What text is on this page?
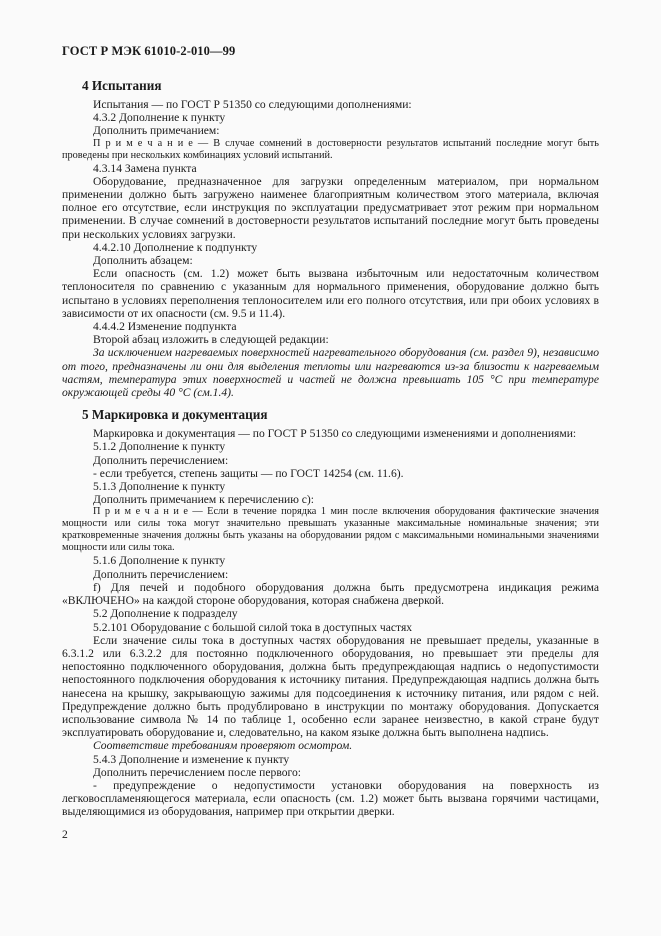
ГОСТ Р МЭК 61010-2-010—99
4 Испытания
Испытания — по ГОСТ Р 51350 со следующими дополнениями:
4.3.2 Дополнение к пункту
Дополнить примечанием:
П р и м е ч а н и е — В случае сомнений в достоверности результатов испытаний последние могут быть проведены при нескольких комбинациях условий испытаний.
4.3.14 Замена пункта
Оборудование, предназначенное для загрузки определенным материалом, при нормальном применении должно быть загружено наименее благоприятным количеством этого материала, включая полное его отсутствие, если инструкция по эксплуатации предусматривает этот режим при нормальном применении. В случае сомнений в достоверности результатов испытаний последние могут быть проведены при нескольких условиях загрузки.
4.4.2.10 Дополнение к подпункту
Дополнить абзацем:
Если опасность (см. 1.2) может быть вызвана избыточным или недостаточным количеством теплоносителя по сравнению с указанным для нормального применения, оборудование должно быть испытано в условиях переполнения теплоносителем или его полного отсутствия, или при обоих условиях в зависимости от их опасности (см. 9.5 и 11.4).
4.4.4.2 Изменение подпункта
Второй абзац изложить в следующей редакции:
За исключением нагреваемых поверхностей нагревательного оборудования (см. раздел 9), независимо от того, предназначены ли они для выделения теплоты или нагреваются из-за близости к нагреваемым частям, температура этих поверхностей и частей не должна превышать 105 °С при температуре окружающей среды 40 °С (см.1.4).
5 Маркировка и документация
Маркировка и документация — по ГОСТ Р 51350 со следующими изменениями и дополнениями:
5.1.2 Дополнение к пункту
Дополнить перечислением:
- если требуется, степень защиты — по ГОСТ 14254 (см. 11.6).
5.1.3 Дополнение к пункту
Дополнить примечанием к перечислению с):
П р и м е ч а н и е — Если в течение порядка 1 мин после включения оборудования фактические значения мощности или силы тока могут значительно превышать указанные максимальные номинальные значения; эти кратковременные значения должны быть указаны на оборудовании рядом с максимальными номинальными значениями мощности или силы тока.
5.1.6 Дополнение к пункту
Дополнить перечислением:
f) Для печей и подобного оборудования должна быть предусмотрена индикация режима «ВКЛЮЧЕНО» на каждой стороне оборудования, которая снабжена дверкой.
5.2 Дополнение к подразделу
5.2.101 Оборудование с большой силой тока в доступных частях
Если значение силы тока в доступных частях оборудования не превышает пределы, указанные в 6.3.1.2 или 6.3.2.2 для постоянно подключенного оборудования, но превышает эти пределы для непостоянно подключенного оборудования, должна быть предупреждающая надпись о недопустимости непостоянного подключения оборудования к источнику питания. Предупреждающая надпись должна быть нанесена на крышку, закрывающую зажимы для подсоединения к источнику питания, или рядом с ней. Предупреждение должно быть продублировано в инструкции по монтажу оборудования. Допускается использование символа № 14 по таблице 1, особенно если заранее неизвестно, в какой стране будут эксплуатировать оборудование и, следовательно, на каком языке должна быть выполнена надпись.
Соответствие требованиям проверяют осмотром.
5.4.3 Дополнение и изменение к пункту
Дополнить перечислением после первого:
- предупреждение о недопустимости установки оборудования на поверхность из легковоспламеняющегося материала, если опасность (см. 1.2) может быть вызвана горячими частицами, выделяющимися из оборудования, например при открытии дверки.
2
